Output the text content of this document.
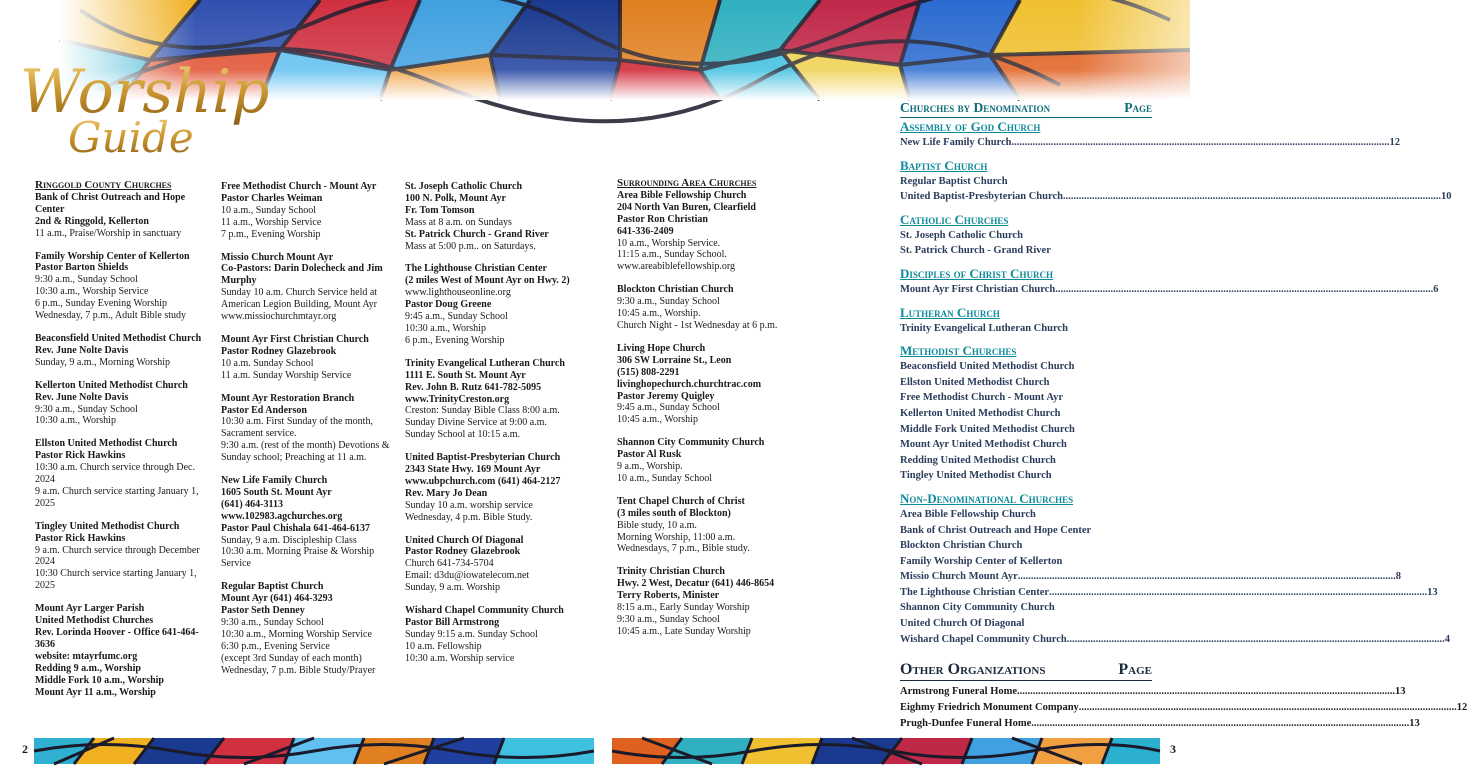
Worship
Guide
Ringgold County Churches
Bank of Christ Outreach and Hope Center
2nd & Ringgold, Kellerton
11 a.m., Praise/Worship in sanctuary
Family Worship Center of Kellerton
Pastor Barton Shields
9:30 a.m., Sunday School
10:30 a.m., Worship Service
6 p.m., Sunday Evening Worship
Wednesday, 7 p.m., Adult Bible study
Beaconsfield United Methodist Church
Rev. June Nolte Davis
Sunday, 9 a.m., Morning Worship
Kellerton United Methodist Church
Rev. June Nolte Davis
9:30 a.m., Sunday School
10:30 a.m., Worship
Ellston United Methodist Church
Pastor Rick Hawkins
10:30 a.m. Church service through Dec. 2024
9 a.m. Church service starting January 1, 2025
Tingley United Methodist Church
Pastor Rick Hawkins
9 a.m. Church service through December 2024
10:30 Church service starting January 1, 2025
Mount Ayr Larger Parish
United Methodist Churches
Rev. Lorinda Hoover - Office 641-464-3636
website: mtayrfumc.org
Redding 9 a.m., Worship
Middle Fork 10 a.m., Worship
Mount Ayr 11 a.m., Worship
Free Methodist Church - Mount Ayr
Pastor Charles Weiman
10 a.m., Sunday School
11 a.m., Worship Service
7 p.m., Evening Worship
Missio Church Mount Ayr
Co-Pastors: Darin Dolecheck and Jim Murphy
Sunday 10 a.m. Church Service held at American Legion Building, Mount Ayr
www.missiochurchmtayr.org
Mount Ayr First Christian Church
Pastor Rodney Glazebrook
10 a.m. Sunday School
11 a.m. Sunday Worship Service
Mount Ayr Restoration Branch
Pastor Ed Anderson
10:30 a.m. First Sunday of the month, Sacrament service.
9:30 a.m. (rest of the month) Devotions & Sunday school; Preaching at 11 a.m.
New Life Family Church
1605 South St. Mount Ayr
(641) 464-3113
www.102983.agchurches.org
Pastor Paul Chishala 641-464-6137
Sunday, 9 a.m. Discipleship Class
10:30 a.m. Morning Praise & Worship Service
Regular Baptist Church
Mount Ayr (641) 464-3293
Pastor Seth Denney
9:30 a.m., Sunday School
10:30 a.m., Morning Worship Service
6:30 p.m., Evening Service
(except 3rd Sunday of each month)
Wednesday, 7 p.m. Bible Study/Prayer
St. Joseph Catholic Church
100 N. Polk, Mount Ayr
Fr. Tom Tomson
Mass at 8 a.m. on Sundays
St. Patrick Church - Grand River
Mass at 5:00 p.m.. on Saturdays.
The Lighthouse Christian Center
(2 miles West of Mount Ayr on Hwy. 2)
www.lighthouseonline.org
Pastor Doug Greene
9:45 a.m., Sunday School
10:30 a.m., Worship
6 p.m., Evening Worship
Trinity Evangelical Lutheran Church
1111 E. South St. Mount Ayr
Rev. John B. Rutz 641-782-5095
www.TrinityCreston.org
Creston: Sunday Bible Class 8:00 a.m.
Sunday Divine Service at 9:00 a.m.
Sunday School at 10:15 a.m.
United Baptist-Presbyterian Church
2343 State Hwy. 169 Mount Ayr
www.ubpchurch.com (641) 464-2127
Rev. Mary Jo Dean
Sunday 10 a.m. worship service
Wednesday, 4 p.m. Bible Study.
United Church Of Diagonal
Pastor Rodney Glazebrook
Church 641-734-5704
Email: d3du@iowatelecom.net
Sunday, 9 a.m. Worship
Wishard Chapel Community Church
Pastor Bill Armstrong
Sunday 9:15 a.m. Sunday School
10 a.m. Fellowship
10:30 a.m. Worship service
Surrounding Area Churches
Area Bible Fellowship Church
204 North Van Buren, Clearfield
Pastor Ron Christian
641-336-2409
10 a.m., Worship Service.
11:15 a.m., Sunday School.
www.areabiblefellowship.org
Blockton Christian Church
9:30 a.m., Sunday School
10:45 a.m., Worship.
Church Night - 1st Wednesday at 6 p.m.
Living Hope Church
306 SW Lorraine St., Leon
(515) 808-2291
livinghopechurch.churchtrac.com
Pastor Jeremy Quigley
9:45 a.m., Sunday School
10:45 a.m., Worship
Shannon City Community Church
Pastor Al Rusk
9 a.m., Worship.
10 a.m., Sunday School
Tent Chapel Church of Christ
(3 miles south of Blockton)
Bible study, 10 a.m.
Morning Worship, 11:00 a.m.
Wednesdays, 7 p.m., Bible study.
Trinity Christian Church
Hwy. 2 West, Decatur (641) 446-8654
Terry Roberts, Minister
8:15 a.m., Early Sunday Worship
9:30 a.m., Sunday School
10:45 a.m., Late Sunday Worship
Churches by Denomination	Page
Assembly of God Church
New Life Family Church .....	12
Baptist Church
Regular Baptist Church
United Baptist-Presbyterian Church .....	10
Catholic Churches
St. Joseph Catholic Church
St. Patrick Church - Grand River
Disciples of Christ Church
Mount Ayr First Christian Church .....	6
Lutheran Church
Trinity Evangelical Lutheran Church
Methodist Churches
Beaconsfield United Methodist Church
Ellston United Methodist Church
Free Methodist Church - Mount Ayr
Kellerton United Methodist Church
Middle Fork United Methodist Church
Mount Ayr United Methodist Church
Redding United Methodist Church
Tingley United Methodist Church
Non-Denominational Churches
Area Bible Fellowship Church
Bank of Christ Outreach and Hope Center
Blockton Christian Church
Family Worship Center of Kellerton
Missio Church Mount Ayr .....	8
The Lighthouse Christian Center .....	13
Shannon City Community Church
United Church Of Diagonal
Wishard Chapel Community Church .....	4
Other Organizations	Page
Armstrong Funeral Home .....	13
Eighmy Friedrich Monument Company .....	12
Prugh-Dunfee Funeral Home .....	13
2	3
